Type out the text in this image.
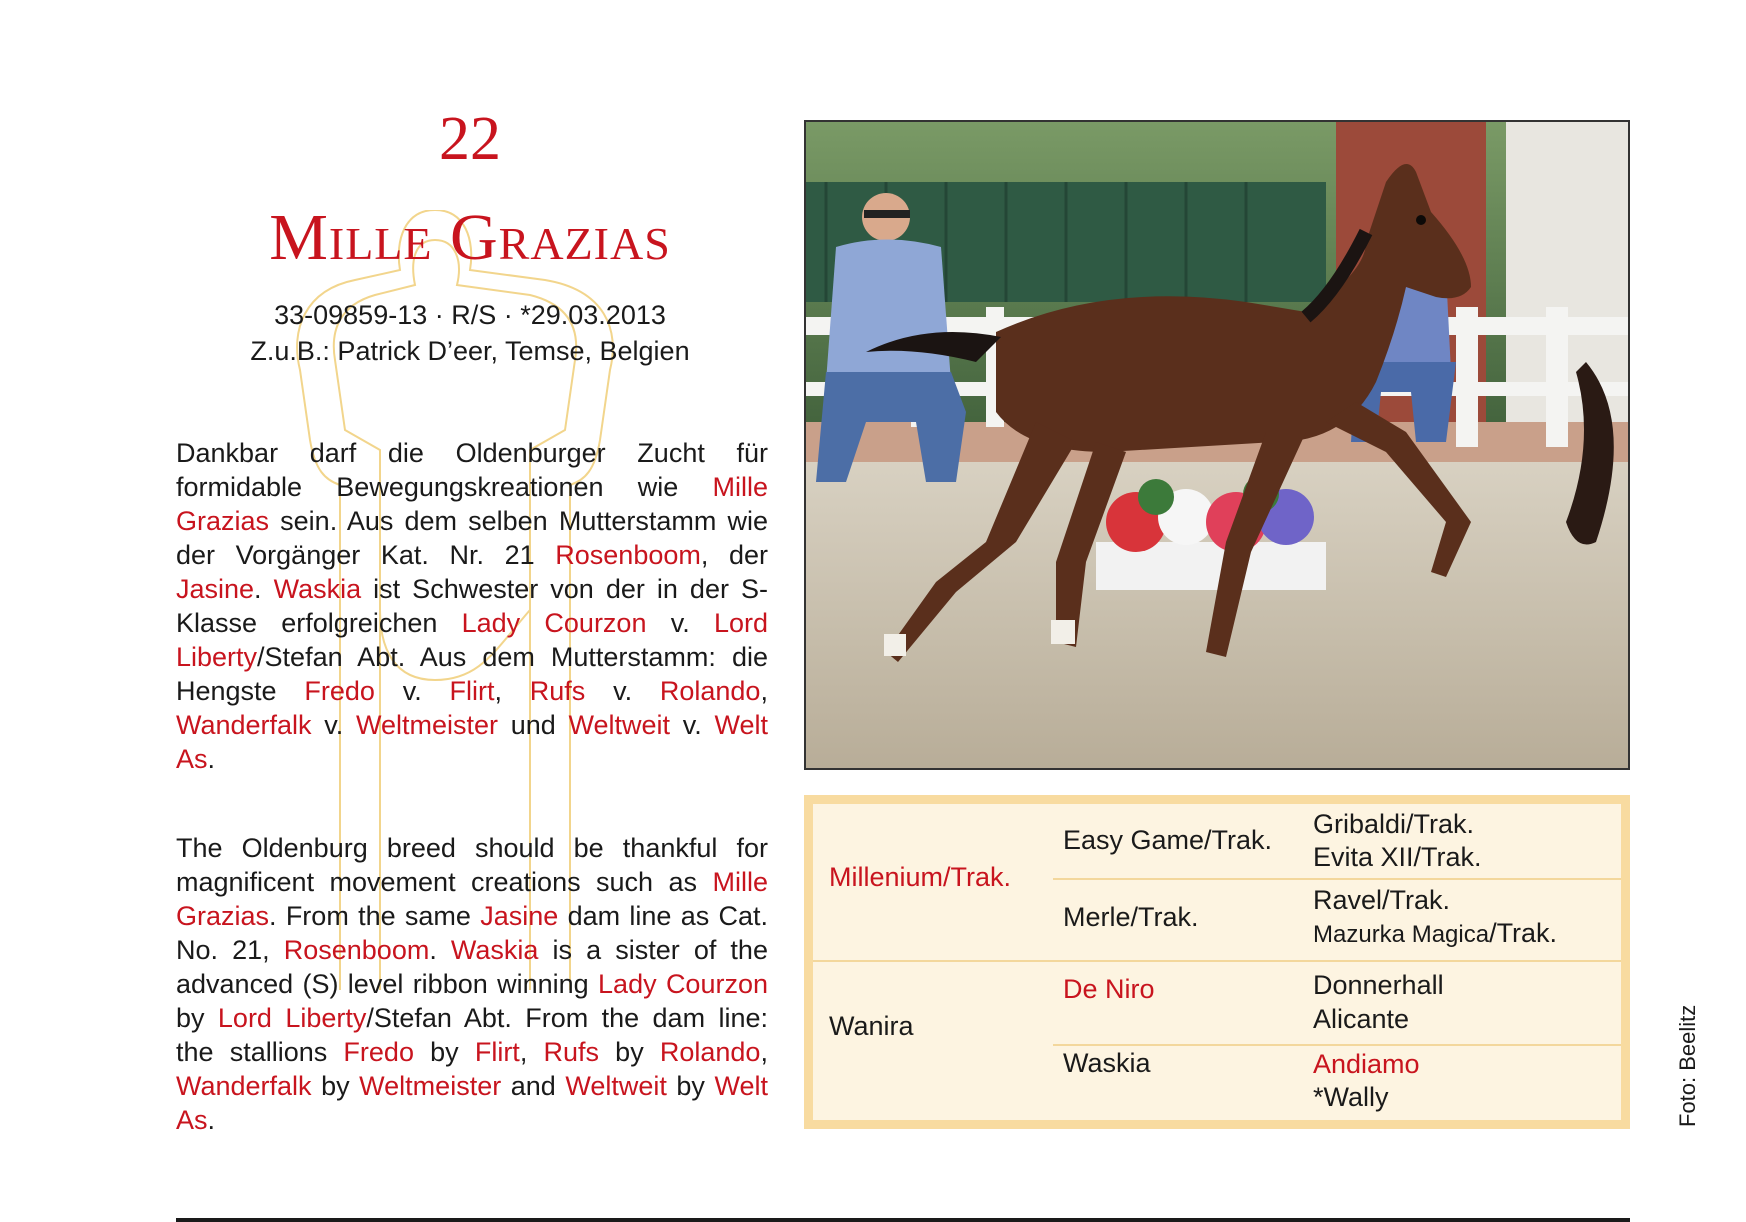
22
Mille Grazias
33-09859-13 · R/S · *29.03.2013
Z.u.B.: Patrick D’eer, Temse, Belgien
Dankbar darf die Oldenburger Zucht für formidable Bewegungskreationen wie Mille Grazias sein. Aus dem selben Mutterstamm wie der Vorgänger Kat. Nr. 21 Rosenboom, der Jasine. Waskia ist Schwester von der in der S-Klasse erfolgreichen Lady Courzon v. Lord Liberty/Stefan Abt. Aus dem Mutterstamm: die Hengste Fredo v. Flirt, Rufs v. Rolando, Wanderfalk v. Weltmeister und Weltweit v. Welt As.
The Oldenburg breed should be thankful for magnificent movement creations such as Mille Grazias. From the same Jasine dam line as Cat. No. 21, Rosenboom. Waskia is a sister of the advanced (S) level ribbon winning Lady Courzon by Lord Liberty/Stefan Abt. From the dam line: the stallions Fredo by Flirt, Rufs by Rolando, Wanderfalk by Weltmeister and Weltweit by Welt As.
Millenium/Trak.
Wanira
Easy Game/Trak.
Merle/Trak.
De Niro
Waskia
Gribaldi/Trak.
Evita XII/Trak.
Ravel/Trak.
Mazurka Magica/Trak.
Donnerhall
Alicante
Andiamo
*Wally	Foto: Beelitz
